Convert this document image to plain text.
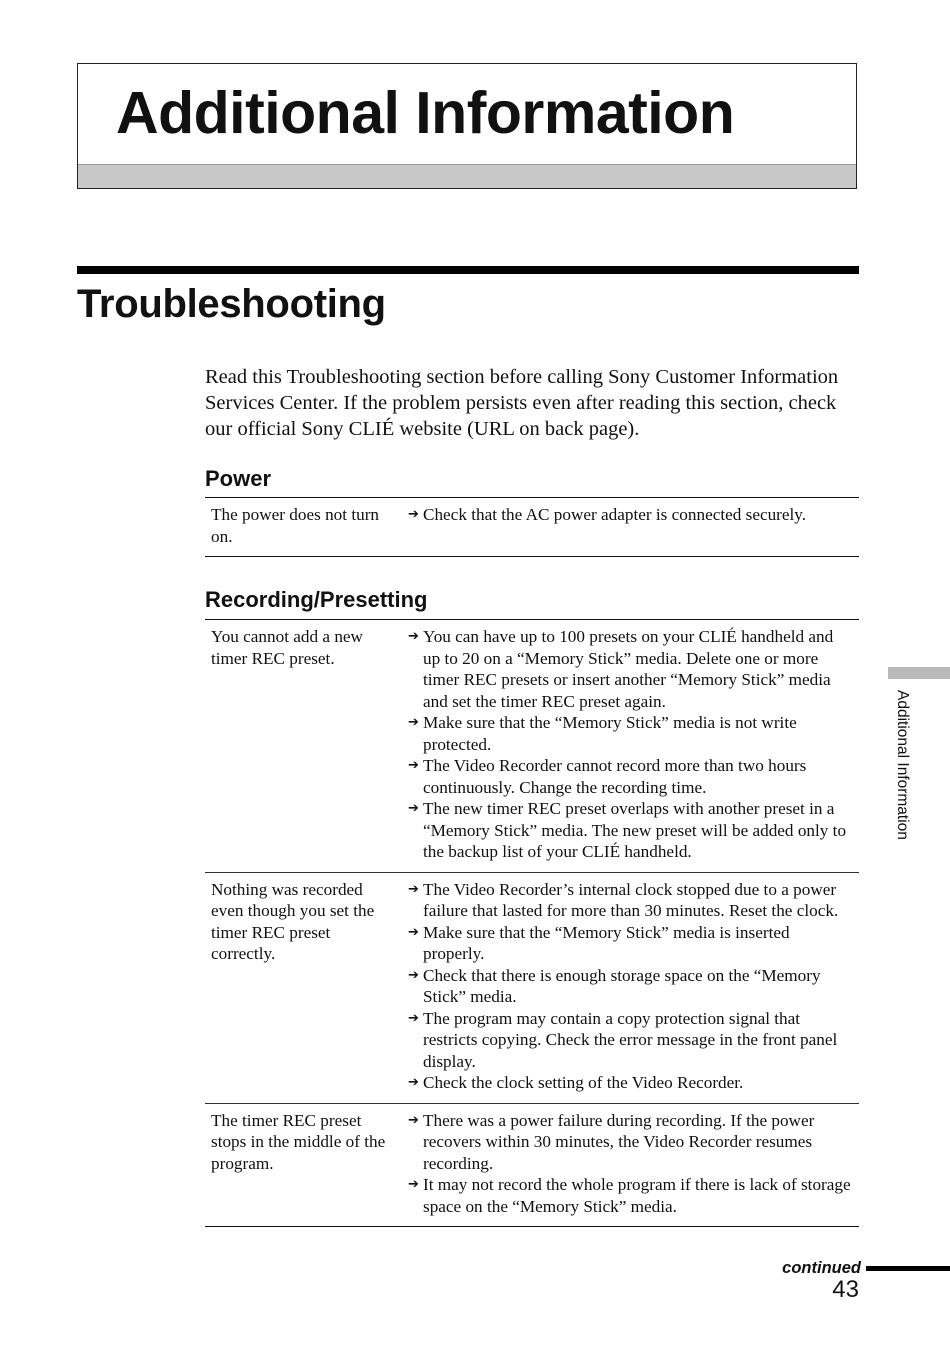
Additional Information
Troubleshooting

Read this Troubleshooting section before calling Sony Customer Information Services Center. If the problem persists even after reading this section, check our official Sony CLIÉ website (URL on back page).

Power
The power does not turn on.
➔ Check that the AC power adapter is connected securely.
Recording/Presetting
You cannot add a new timer REC preset.
➔ You can have up to 100 presets on your CLIÉ handheld and up to 20 on a “Memory Stick” media. Delete one or more timer REC presets or insert another “Memory Stick” media and set the timer REC preset again.
➔ Make sure that the “Memory Stick” media is not write protected.
➔ The Video Recorder cannot record more than two hours continuously. Change the recording time.
➔ The new timer REC preset overlaps with another preset in a “Memory Stick” media. The new preset will be added only to the backup list of your CLIÉ handheld.
Nothing was recorded even though you set the timer REC preset correctly.
➔ The Video Recorder’s internal clock stopped due to a power failure that lasted for more than 30 minutes. Reset the clock.
➔ Make sure that the “Memory Stick” media is inserted properly.
➔ Check that there is enough storage space on the “Memory Stick” media.
➔ The program may contain a copy protection signal that restricts copying. Check the error message in the front panel display.
➔ Check the clock setting of the Video Recorder.
The timer REC preset stops in the middle of the program.
➔ There was a power failure during recording. If the power recovers within 30 minutes, the Video Recorder resumes recording.
➔ It may not record the whole program if there is lack of storage space on the “Memory Stick” media.
Additional Information
continued
43
